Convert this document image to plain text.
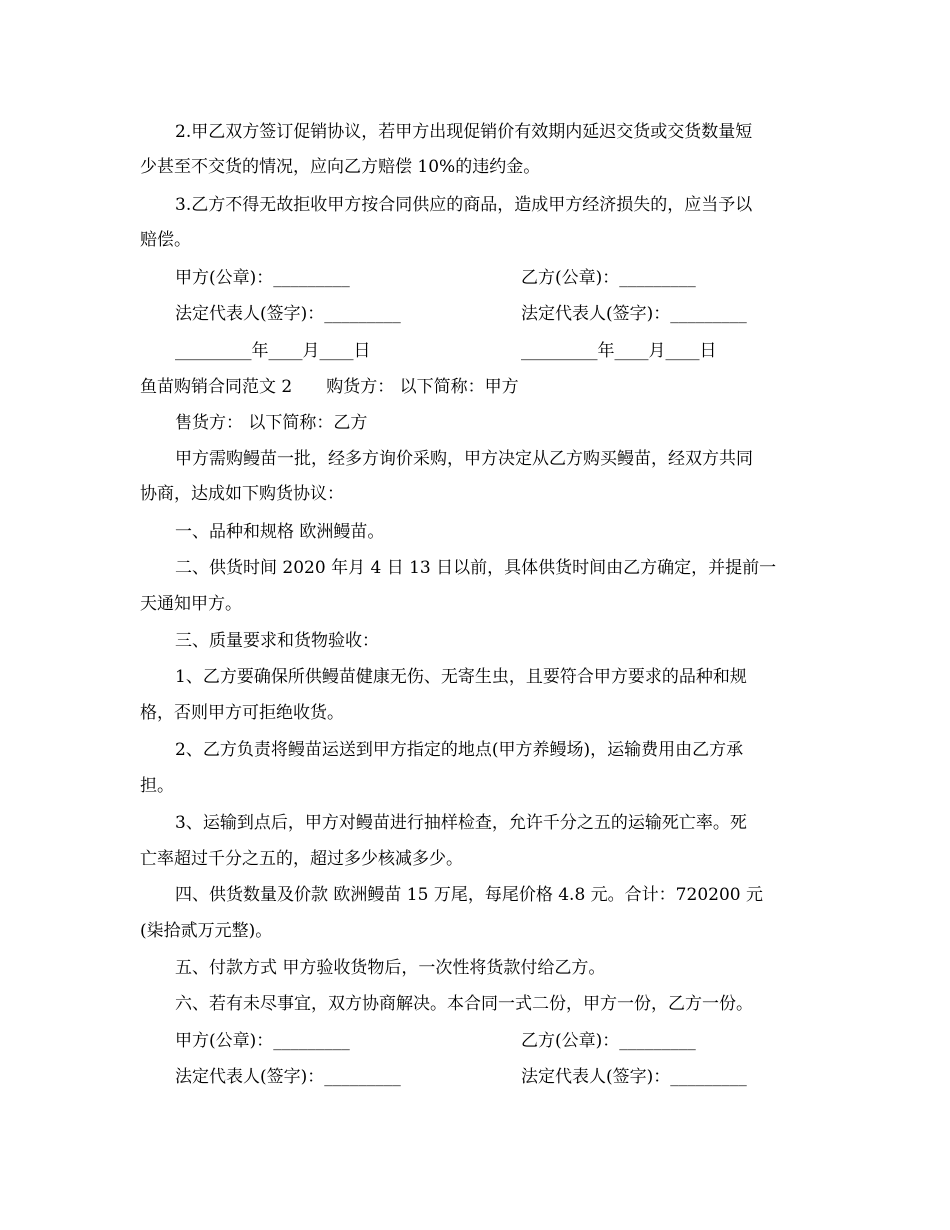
2.甲乙双方签订促销协议，若甲方出现促销价有效期内延迟交货或交货数量短
少甚至不交货的情况，应向乙方赔偿 10%的违约金。
3.乙方不得无故拒收甲方按合同供应的商品，造成甲方经济损失的，应当予以
赔偿。
甲方(公章)：_________	乙方(公章)：_________
法定代表人(签字)：_________	法定代表人(签字)：_________
_________年____月____日	_________年____月____日
鱼苗购销合同范文 2　　购货方： 以下简称：甲方
售货方： 以下简称：乙方
甲方需购鳗苗一批，经多方询价采购，甲方决定从乙方购买鳗苗，经双方共同
协商，达成如下购货协议：
一、品种和规格 欧洲鳗苗。
二、供货时间 2020 年月 4 日 13 日以前，具体供货时间由乙方确定，并提前一
天通知甲方。
三、质量要求和货物验收：
1、乙方要确保所供鳗苗健康无伤、无寄生虫，且要符合甲方要求的品种和规
格，否则甲方可拒绝收货。
2、乙方负责将鳗苗运送到甲方指定的地点(甲方养鳗场)，运输费用由乙方承
担。
3、运输到点后，甲方对鳗苗进行抽样检查，允许千分之五的运输死亡率。死
亡率超过千分之五的，超过多少核减多少。
四、供货数量及价款 欧洲鳗苗 15 万尾，每尾价格 4.8 元。合计：720200 元
(柒拾贰万元整)。
五、付款方式 甲方验收货物后，一次性将货款付给乙方。
六、若有未尽事宜，双方协商解决。本合同一式二份，甲方一份，乙方一份。
甲方(公章)：_________	乙方(公章)：_________
法定代表人(签字)：_________	法定代表人(签字)：_________
